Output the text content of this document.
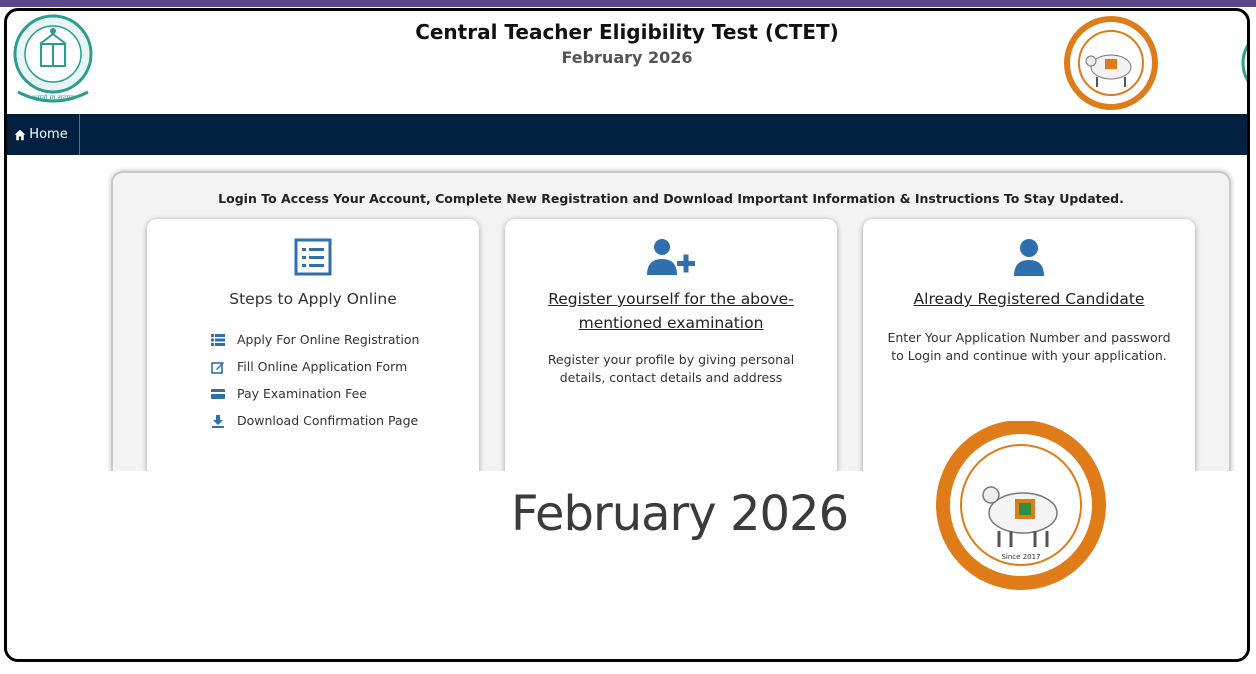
असतो मा सद्गमय
Central Teacher Eligibility Test (CTET)
February 2026
Home
Login To Access Your Account, Complete New Registration and Download Important Information & Instructions To Stay Updated.
Steps to Apply Online
Apply For Online Registration
Fill Online Application Form
Pay Examination Fee
Download Confirmation Page
Register yourself for the above-mentioned examination
Register your profile by giving personal details, contact details and address
Already Registered Candidate
Enter Your Application Number and password to Login and continue with your application.
February 2026
Since 2017
